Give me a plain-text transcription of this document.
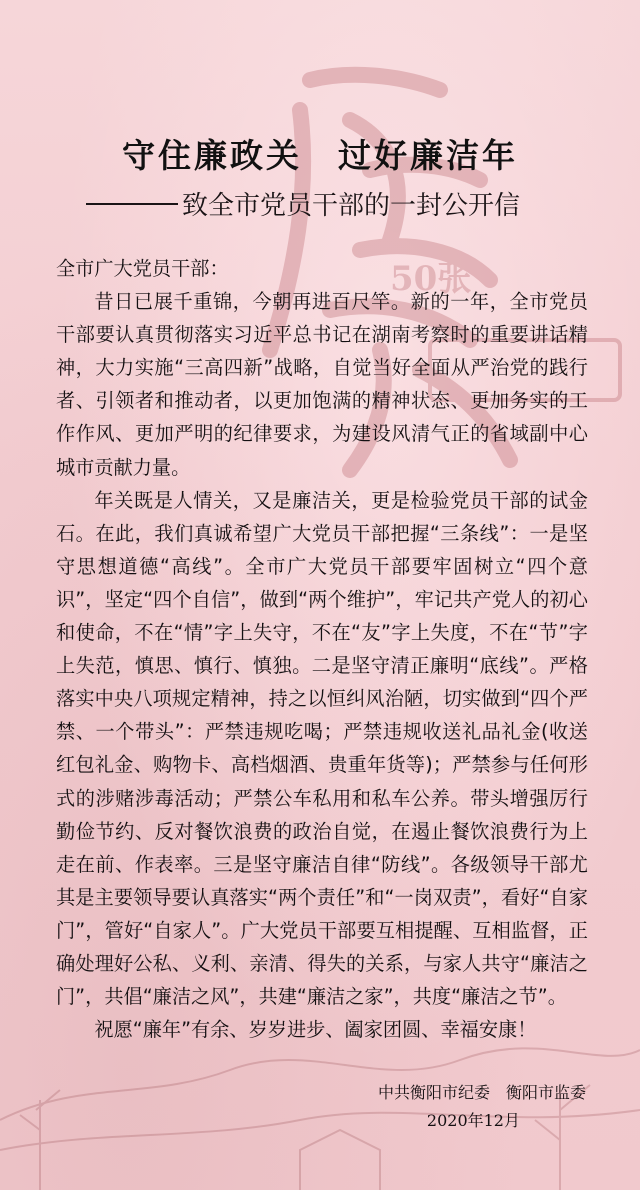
50张
守住廉政关　过好廉洁年
致全市党员干部的一封公开信

全市广大党员干部：

昔日已展千重锦，今朝再进百尺竿。新的一年，全市党员干部要认真贯彻落实习近平总书记在湖南考察时的重要讲话精神，大力实施“三高四新”战略，自觉当好全面从严治党的践行者、引领者和推动者，以更加饱满的精神状态、更加务实的工作作风、更加严明的纪律要求，为建设风清气正的省域副中心城市贡献力量。

年关既是人情关，又是廉洁关，更是检验党员干部的试金石。在此，我们真诚希望广大党员干部把握“三条线”：一是坚守思想道德“高线”。全市广大党员干部要牢固树立“四个意识”，坚定“四个自信”，做到“两个维护”，牢记共产党人的初心和使命，不在“情”字上失守，不在“友”字上失度，不在“节”字上失范，慎思、慎行、慎独。二是坚守清正廉明“底线”。严格落实中央八项规定精神，持之以恒纠风治陋，切实做到“四个严禁、一个带头”：严禁违规吃喝；严禁违规收送礼品礼金(收送红包礼金、购物卡、高档烟酒、贵重年货等)；严禁参与任何形式的涉赌涉毒活动；严禁公车私用和私车公养。带头增强厉行勤俭节约、反对餐饮浪费的政治自觉，在遏止餐饮浪费行为上走在前、作表率。三是坚守廉洁自律“防线”。各级领导干部尤其是主要领导要认真落实“两个责任”和“一岗双责”，看好“自家门”，管好“自家人”。广大党员干部要互相提醒、互相监督，正确处理好公私、义利、亲清、得失的关系，与家人共守“廉洁之门”，共倡“廉洁之风”，共建“廉洁之家”，共度“廉洁之节”。

祝愿“廉年”有余、岁岁进步、阖家团圆、幸福安康！

中共衡阳市纪委　衡阳市监委
2020年12月
